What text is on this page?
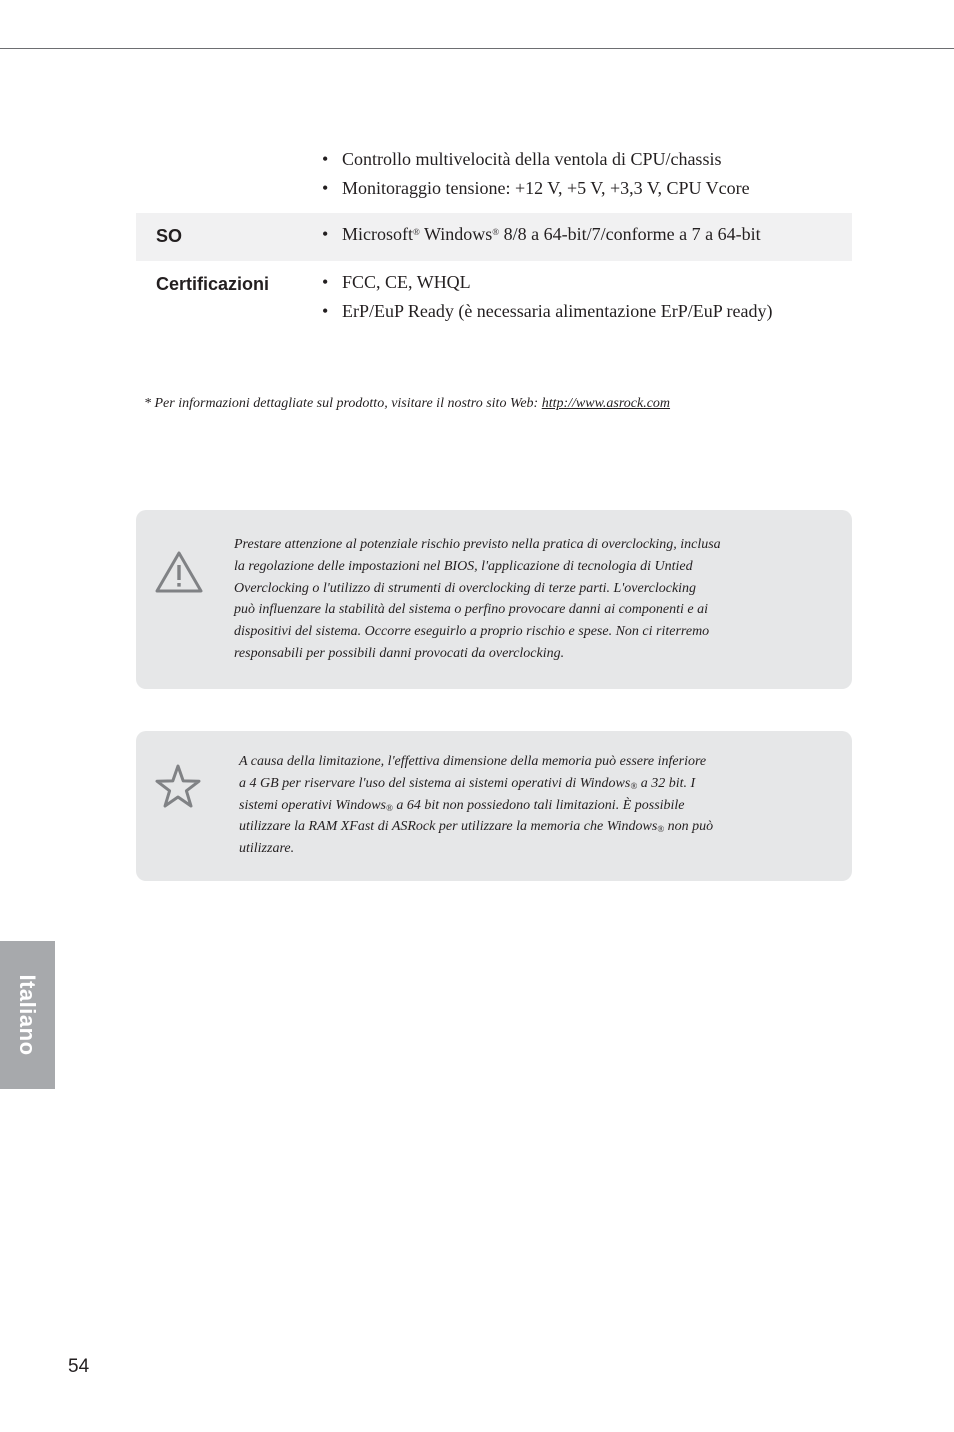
• Controllo multivelocità della ventola di CPU/chassis
• Monitoraggio tensione: +12 V, +5 V, +3,3 V, CPU Vcore
SO	• Microsoft® Windows® 8/8 a 64-bit/7/conforme a 7 a 64-bit
Certificazioni	• FCC, CE, WHQL
• ErP/EuP Ready (è necessaria alimentazione ErP/EuP ready)
* Per informazioni dettagliate sul prodotto, visitare il nostro sito Web: http://www.asrock.com
Prestare attenzione al potenziale rischio previsto nella pratica di overclocking, inclusa
la regolazione delle impostazioni nel BIOS, l'applicazione di tecnologia di Untied
Overclocking o l'utilizzo di strumenti di overclocking di terze parti. L'overclocking
può influenzare la stabilità del sistema o perfino provocare danni ai componenti e ai
dispositivi del sistema. Occorre eseguirlo a proprio rischio e spese. Non ci riterremo
responsabili per possibili danni provocati da overclocking.
A causa della limitazione, l'effettiva dimensione della memoria può essere inferiore
a 4 GB per riservare l'uso del sistema ai sistemi operativi di Windows® a 32 bit. I
sistemi operativi Windows® a 64 bit non possiedono tali limitazioni. È possibile
utilizzare la RAM XFast di ASRock per utilizzare la memoria che Windows® non può
utilizzare.
Italiano
54
